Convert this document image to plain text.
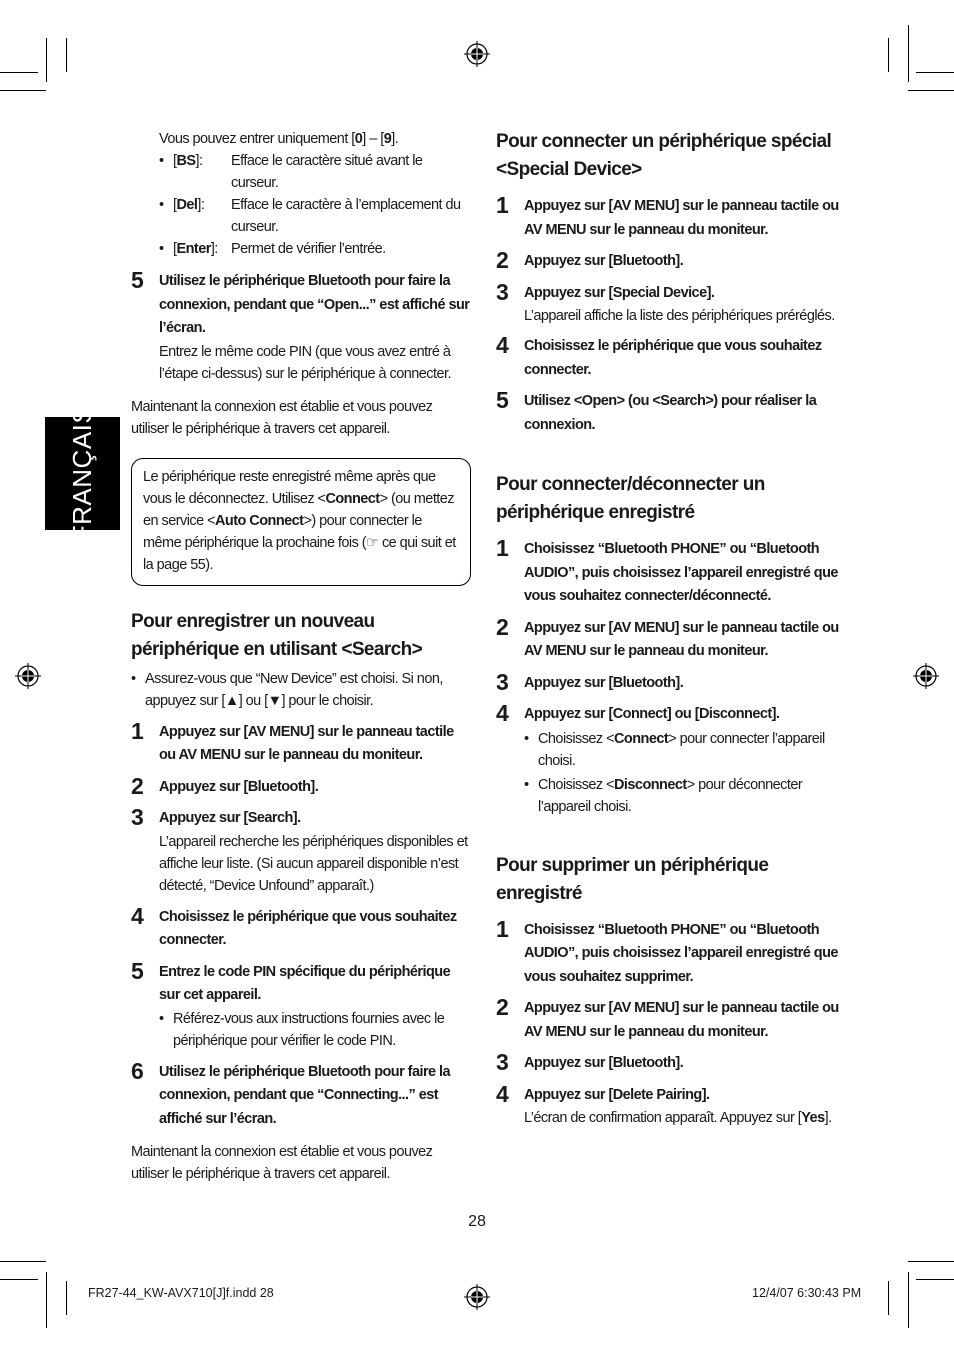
FRANÇAIS

Vous pouvez entrer uniquement [0] – [9].

• [BS]:	Efface le caractère situé avant le curseur.
• [Del]:	Efface le caractère à l’emplacement du curseur.
• [Enter]: Permet de vérifier l’entrée.
5	Utilisez le périphérique Bluetooth pour faire la connexion, pendant que “Open...” est affiché sur l’écran.

Entrez le même code PIN (que vous avez entré à l’étape ci-dessus) sur le périphérique à connecter.

Maintenant la connexion est établie et vous pouvez utiliser le périphérique à travers cet appareil.

Le périphérique reste enregistré même après que vous le déconnectez. Utilisez <Connect> (ou mettez en service <Auto Connect>) pour connecter le même périphérique la prochaine fois (☞ ce qui suit et la page 55).

Pour enregistrer un nouveau périphérique en utilisant <Search>
• Assurez-vous que “New Device” est choisi. Si non, appuyez sur [▲] ou [▼] pour le choisir.
1	Appuyez sur [AV MENU] sur le panneau tactile ou AV MENU sur le panneau du moniteur.

2	Appuyez sur [Bluetooth].

3	Appuyez sur [Search].

L’appareil recherche les périphériques disponibles et affiche leur liste. (Si aucun appareil disponible n’est détecté, “Device Unfound” apparaît.)

4	Choisissez le périphérique que vous souhaitez connecter.

5	Entrez le code PIN spécifique du périphérique sur cet appareil.

• Référez-vous aux instructions fournies avec le périphérique pour vérifier le code PIN.
6	Utilisez le périphérique Bluetooth pour faire la connexion, pendant que “Connecting...” est affiché sur l’écran.

Maintenant la connexion est établie et vous pouvez utiliser le périphérique à travers cet appareil.

Pour connecter un périphérique spécial <Special Device>
1	Appuyez sur [AV MENU] sur le panneau tactile ou AV MENU sur le panneau du moniteur.

2	Appuyez sur [Bluetooth].

3	Appuyez sur [Special Device].

L’appareil affiche la liste des périphériques préréglés.

4	Choisissez le périphérique que vous souhaitez connecter.

5	Utilisez <Open> (ou <Search>) pour réaliser la connexion.

Pour connecter/déconnecter un périphérique enregistré
1	Choisissez “Bluetooth PHONE” ou “Bluetooth AUDIO”, puis choisissez l’appareil enregistré que vous souhaitez connecter/déconnecté.

2	Appuyez sur [AV MENU] sur le panneau tactile ou AV MENU sur le panneau du moniteur.

3	Appuyez sur [Bluetooth].

4	Appuyez sur [Connect] ou [Disconnect].

• Choisissez <Connect> pour connecter l’appareil choisi.
• Choisissez <Disconnect> pour déconnecter l’appareil choisi.
Pour supprimer un périphérique enregistré
1	Choisissez “Bluetooth PHONE” ou “Bluetooth AUDIO”, puis choisissez l’appareil enregistré que vous souhaitez supprimer.

2	Appuyez sur [AV MENU] sur le panneau tactile ou AV MENU sur le panneau du moniteur.

3	Appuyez sur [Bluetooth].

4	Appuyez sur [Delete Pairing].

L’écran de confirmation apparaît. Appuyez sur [Yes].

28
FR27-44_KW-AVX710[J]f.indd 28	12/4/07 6:30:43 PM
